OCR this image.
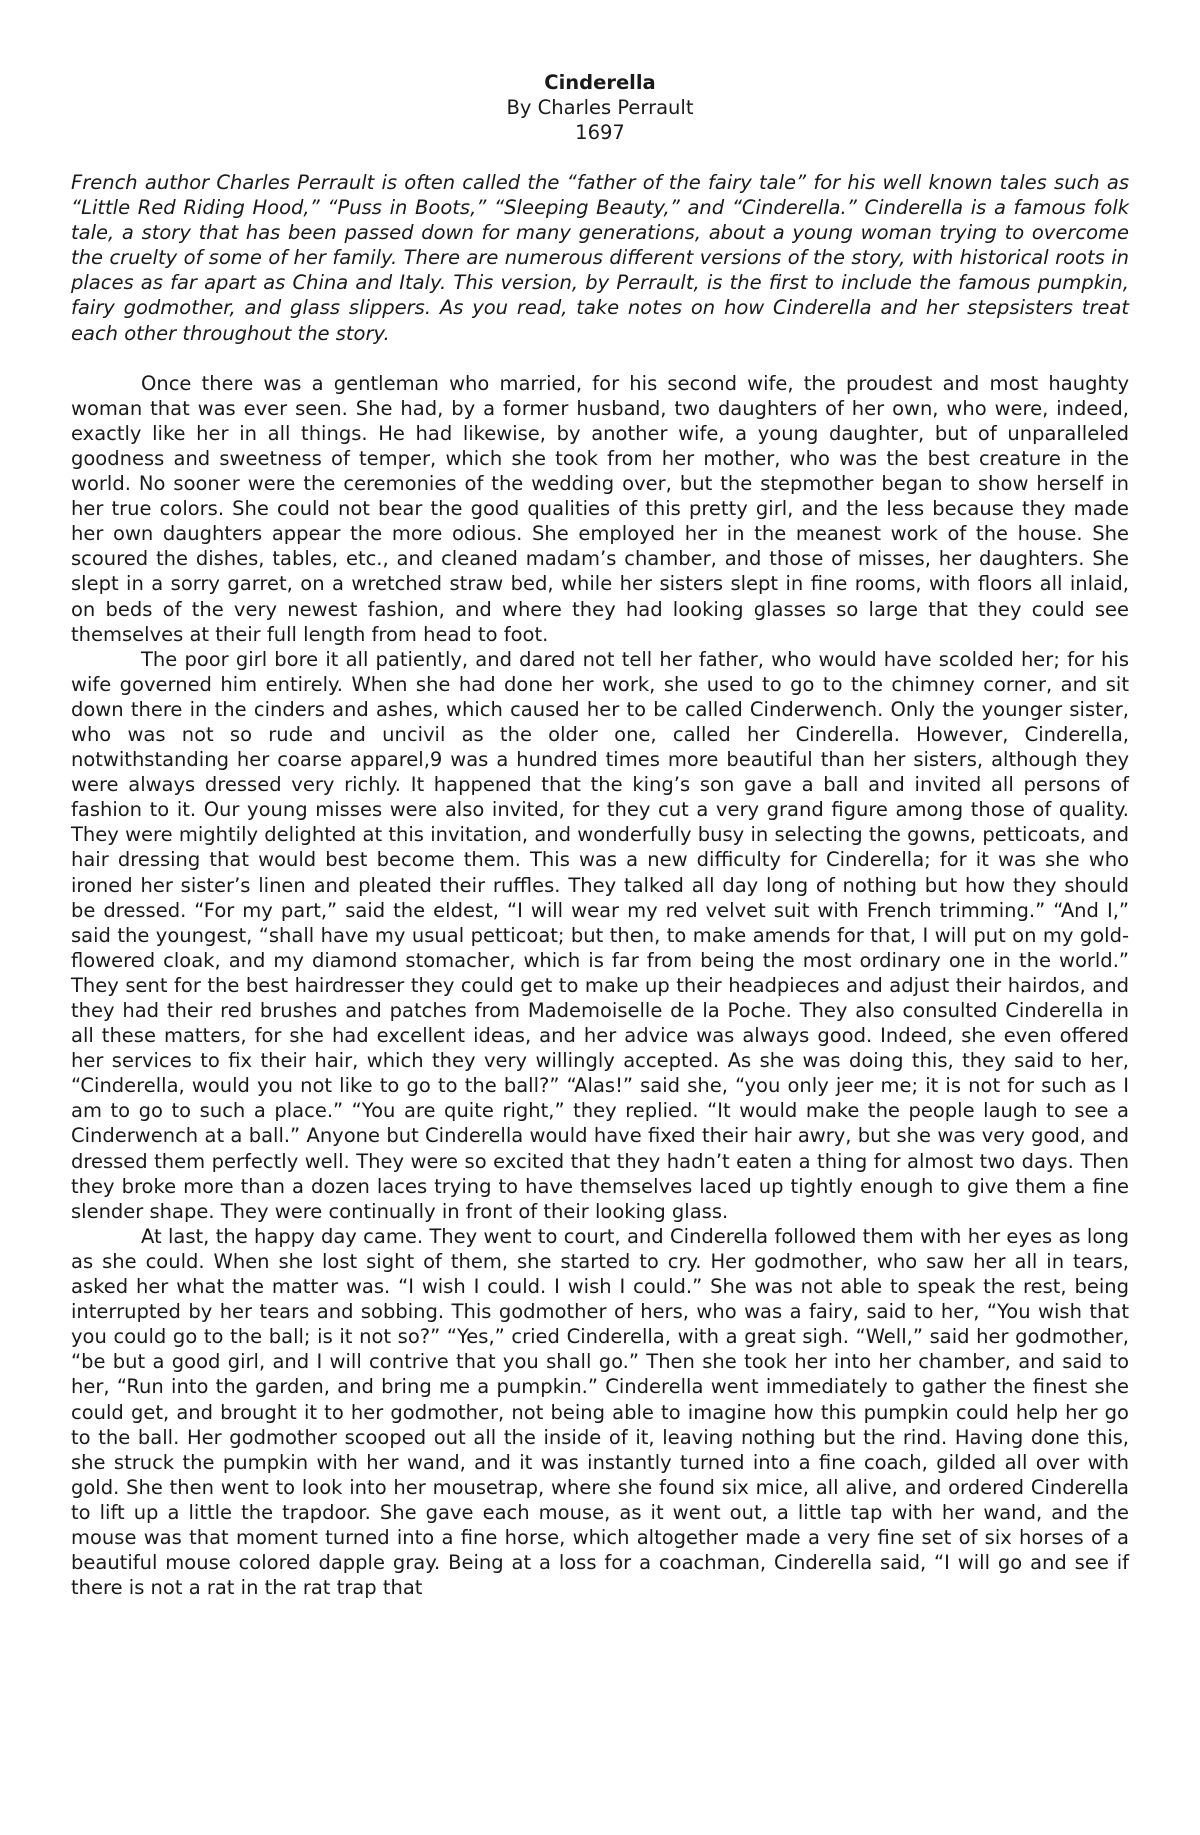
Cinderella

By Charles Perrault

1697

French author Charles Perrault is often called the “father of the fairy tale” for his well known tales such as “Little Red Riding Hood,” “Puss in Boots,” “Sleeping Beauty,” and “Cinderella.” Cinderella is a famous folk tale, a story that has been passed down for many generations, about a young woman trying to overcome the cruelty of some of her family. There are numerous different versions of the story, with historical roots in places as far apart as China and Italy. This version, by Perrault, is the first to include the famous pumpkin, fairy godmother, and glass slippers. As you read, take notes on how Cinderella and her stepsisters treat each other throughout the story.

Once there was a gentleman who married, for his second wife, the proudest and most haughty woman that was ever seen. She had, by a former husband, two daughters of her own, who were, indeed, exactly like her in all things. He had likewise, by another wife, a young daughter, but of unparalleled goodness and sweetness of temper, which she took from her mother, who was the best creature in the world. No sooner were the ceremonies of the wedding over, but the stepmother began to show herself in her true colors. She could not bear the good qualities of this pretty girl, and the less because they made her own daughters appear the more odious. She employed her in the meanest work of the house. She scoured the dishes, tables, etc., and cleaned madam’s chamber, and those of misses, her daughters. She slept in a sorry garret, on a wretched straw bed, while her sisters slept in fine rooms, with floors all inlaid, on beds of the very newest fashion, and where they had looking glasses so large that they could see themselves at their full length from head to foot.

The poor girl bore it all patiently, and dared not tell her father, who would have scolded her; for his wife governed him entirely. When she had done her work, she used to go to the chimney corner, and sit down there in the cinders and ashes, which caused her to be called Cinderwench. Only the younger sister, who was not so rude and uncivil as the older one, called her Cinderella. However, Cinderella, notwithstanding her coarse apparel,9 was a hundred times more beautiful than her sisters, although they were always dressed very richly. It happened that the king’s son gave a ball and invited all persons of fashion to it. Our young misses were also invited, for they cut a very grand figure among those of quality. They were mightily delighted at this invitation, and wonderfully busy in selecting the gowns, petticoats, and hair dressing that would best become them. This was a new difficulty for Cinderella; for it was she who ironed her sister’s linen and pleated their ruffles. They talked all day long of nothing but how they should be dressed. “For my part,” said the eldest, “I will wear my red velvet suit with French trimming.” “And I,” said the youngest, “shall have my usual petticoat; but then, to make amends for that, I will put on my gold-flowered cloak, and my diamond stomacher, which is far from being the most ordinary one in the world.” They sent for the best hairdresser they could get to make up their headpieces and adjust their hairdos, and they had their red brushes and patches from Mademoiselle de la Poche. They also consulted Cinderella in all these matters, for she had excellent ideas, and her advice was always good. Indeed, she even offered her services to fix their hair, which they very willingly accepted. As she was doing this, they said to her, “Cinderella, would you not like to go to the ball?” “Alas!” said she, “you only jeer me; it is not for such as I am to go to such a place.” “You are quite right,” they replied. “It would make the people laugh to see a Cinderwench at a ball.” Anyone but Cinderella would have fixed their hair awry, but she was very good, and dressed them perfectly well. They were so excited that they hadn’t eaten a thing for almost two days. Then they broke more than a dozen laces trying to have themselves laced up tightly enough to give them a fine slender shape. They were continually in front of their looking glass.

At last, the happy day came. They went to court, and Cinderella followed them with her eyes as long as she could. When she lost sight of them, she started to cry. Her godmother, who saw her all in tears, asked her what the matter was. “I wish I could. I wish I could.” She was not able to speak the rest, being interrupted by her tears and sobbing. This godmother of hers, who was a fairy, said to her, “You wish that you could go to the ball; is it not so?” “Yes,” cried Cinderella, with a great sigh. “Well,” said her godmother, “be but a good girl, and I will contrive that you shall go.” Then she took her into her chamber, and said to her, “Run into the garden, and bring me a pumpkin.” Cinderella went immediately to gather the finest she could get, and brought it to her godmother, not being able to imagine how this pumpkin could help her go to the ball. Her godmother scooped out all the inside of it, leaving nothing but the rind. Having done this, she struck the pumpkin with her wand, and it was instantly turned into a fine coach, gilded all over with gold. She then went to look into her mousetrap, where she found six mice, all alive, and ordered Cinderella to lift up a little the trapdoor. She gave each mouse, as it went out, a little tap with her wand, and the mouse was that moment turned into a fine horse, which altogether made a very fine set of six horses of a beautiful mouse colored dapple gray. Being at a loss for a coachman, Cinderella said, “I will go and see if there is not a rat in the rat trap that
